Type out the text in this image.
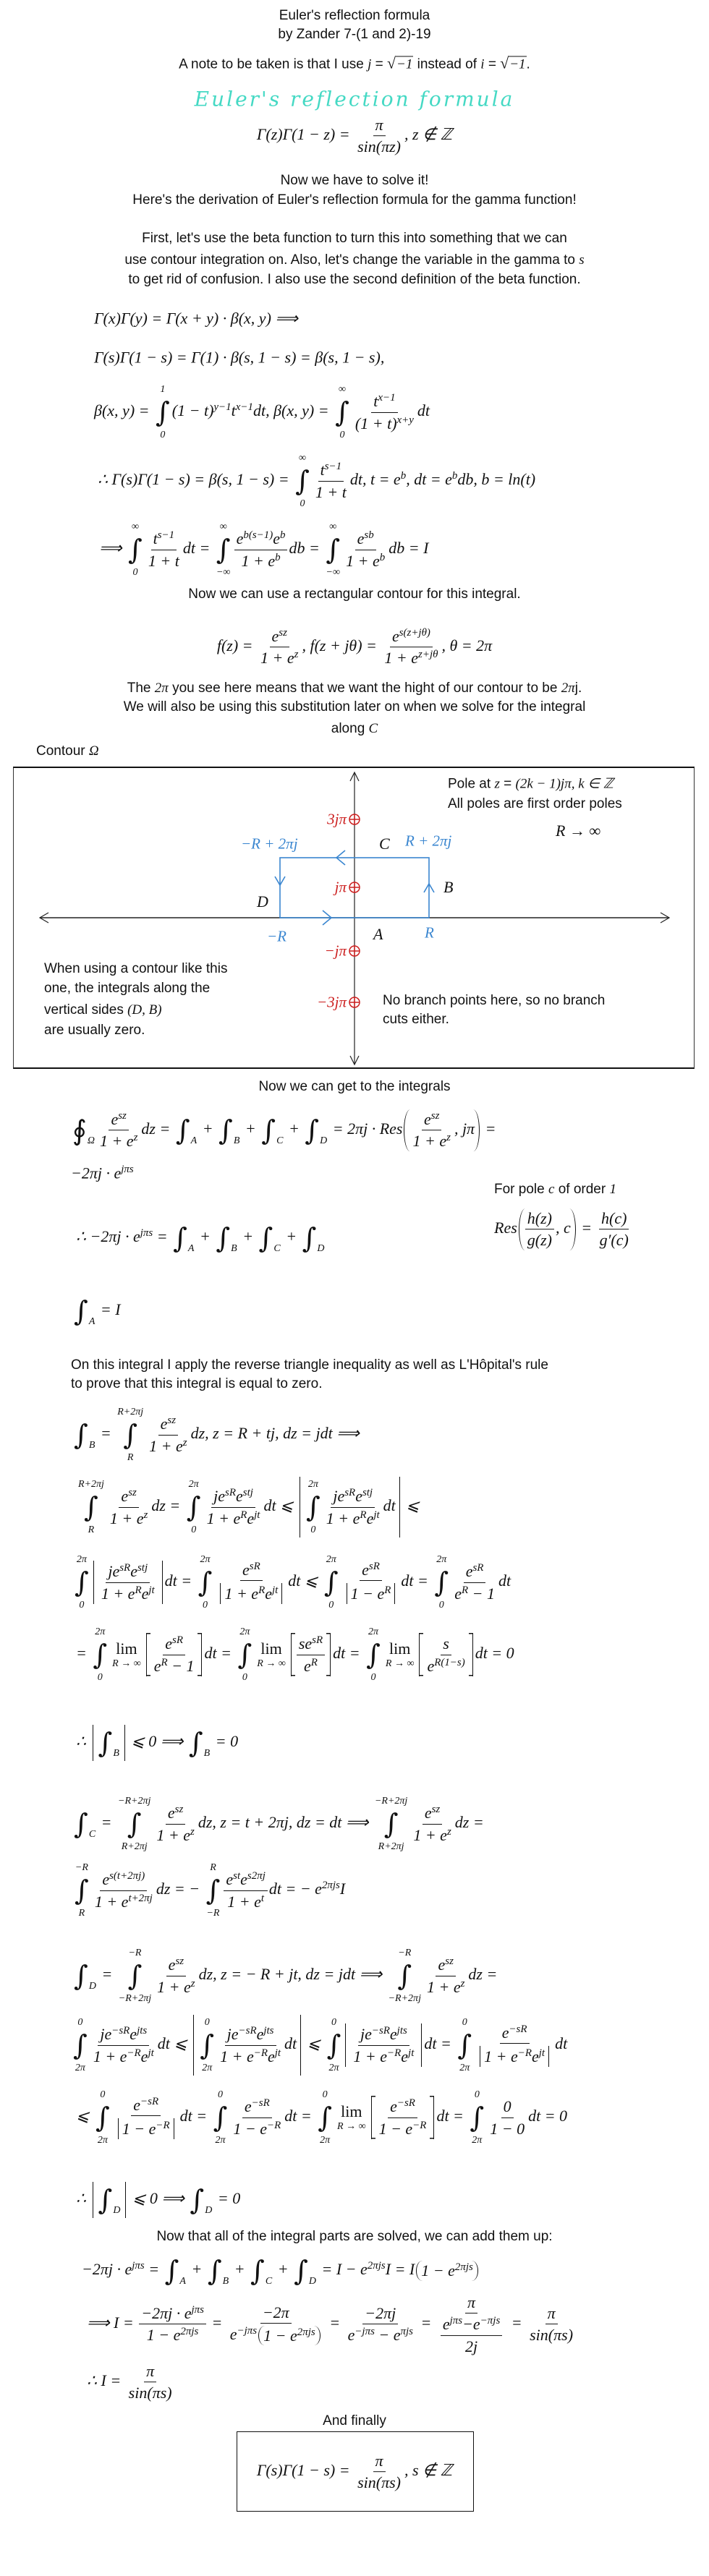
Euler's reflection formula
by Zander 7-(1 and 2)-19
A note to be taken is that I use j = √−1 instead of i = √−1.
Euler's reflection formula
$\Gamma(z)\Gamma(1 - z) = \frac{\pi}{\sin(\pi z)}$ , z ∉ ℤ
Now we have to solve it!
Here's the derivation of Euler's reflection formula for the gamma function!
First, let's use the beta function to turn this into something that we can
use contour integration on. Also, let's change the variable in the gamma to s
to get rid of confusion. I also use the second definition of the beta function.
Γ(x)Γ(y) = Γ(x + y) · β(x, y) ⟹
Γ(s)Γ(1 − s) = Γ(1) · β(s, 1 − s) = β(s, 1 − s),
β(x, y) =
1
∫
0
$(1 - t)^{y-1}t^{x-1}dt$, β(x, y) =
∞
∫
0
$\frac{t^{x-1}}{(1 + t)^{x+y}}$ dt
∴ Γ(s)Γ(1 − s) = β(s, 1 − s) =
∞
∫
0
$\frac{t^{s-1}}{1 + t}$ dt, $t = e^b$, dt = $e^bdb$, b = ln(t)
⟹
∞
∫
0
$\frac{t^{s-1}}{1 + t}$ dt =
∞
∫
−∞
$\frac{e^{b(s-1)}e^b}{1 + e^b}$ db =
∞
∫
−∞
$\frac{e^{sb}}{1 + e^b}$ db = I
Now we can use a rectangular contour for this integral.
$f(z) = \frac{e^{sz}}{1 + e^z}$ , $f(z + j\theta) = \frac{e^{s(z+j\theta)}}{1 + e^{z+j\theta}}$ , θ = 2π
The 2π you see here means that we want the hight of our contour to be 2πj.
We will also be using this substitution later on when we solve for the integral
along C
Contour Ω
Pole at z = (2k − 1)jπ, k ∈ ℤ
All poles are first order poles
R → ∞
3jπ
jπ
−jπ
−3jπ
−R + 2πj	R + 2πj
−R	R
A
B
C
D
When using a contour like this
one, the integrals along the
vertical sides (D, B)
are usually zero.
No branch points here, so no branch
cuts either.
Now we can get to the integrals
∮ Ω $\frac{e^{sz}}{1 + e^z}$ dz = ∫ A
+ ∫ B
+ ∫ C
+ ∫ D
= 2πj · Res $\frac{e^{sz}}{1 + e^z}$ , jπ =
$-2\pi j \cdot e^{j\pi s}$
For pole c of order 1
Res $\frac{h(z)}{g(z)}$ , $c = \frac{h(c)}{g'(c)}$
∴ $-2\pi j \cdot e^{j\pi s}$ = ∫ A
+ ∫ B
+ ∫ C
+ ∫ D
∫ A
= I
On this integral I apply the reverse triangle inequality as well as L'Hôpital's rule
to prove that this integral is equal to zero.
∫ B
=
R+2πj
∫
R
$\frac{e^{sz}}{1 + e^z}$ dz, z = R + tj, dz = jdt ⟹
R+2πj
∫
R
$\frac{e^{sz}}{1 + e^z}$ dz =
2π
∫
0
$\frac{je^{sR}e^{stj}}{1 + e^Re^{jt}}$ dt ⩽
2π
∫
0
$\frac{je^{sR}e^{stj}}{1 + e^Re^{jt}}$ dt ⩽
2π
∫
0
$\frac{je^{sR}e^{stj}}{1 + e^Re^{jt}}$ dt =
2π
∫
0
$\frac{e^{sR}}{1 + e^Re^{jt}}$ dt ⩽
2π
∫
0
$\frac{e^{sR}}{1 - e^R}$ dt =
2π
∫
0
$\frac{e^{sR}}{e^R - 1}$ dt
=
2π
∫
0
lim
R → ∞ $\frac{e^{sR}}{e^R - 1}$ dt =
2π
∫
0
lim
R → ∞ $\frac{se^{sR}}{e^R}$ dt =
2π
∫
0
lim
R → ∞ $\frac{s}{e^{R(1-s)}}$ dt = 0
∴ ∫ B
⩽ 0 ⟹ ∫ B
= 0
∫ C
=
−R+2πj
∫
R+2πj
$\frac{e^{sz}}{1 + e^z}$ dz, z = t + 2πj, dz = dt ⟹
−R+2πj
∫
R+2πj
$\frac{e^{sz}}{1 + e^z}$ dz =
−R
∫
R
$\frac{e^{s(t+2\pi j)}}{1 + e^{t+2\pi j}}$ dz = −
R
∫
−R
$\frac{e^{st}e^{s2\pi j}}{1 + e^t}$ dt = − $e^{2\pi js}I$
∫ D
=
−R
∫
−R+2πj
$\frac{e^{sz}}{1 + e^z}$ dz, z = − R + jt, dz = jdt ⟹
−R
∫
−R+2πj
$\frac{e^{sz}}{1 + e^z}$ dz =
0
∫
2π
$\frac{je^{-sR}e^{jts}}{1 + e^{-R}e^{jt}}$ dt ⩽
0
∫
2π
$\frac{je^{-sR}e^{jts}}{1 + e^{-R}e^{jt}}$ dt ⩽
0
∫
2π
$\frac{je^{-sR}e^{jts}}{1 + e^{-R}e^{jt}}$ dt =
0
∫
2π
$\frac{e^{-sR}}{1 + e^{-R}e^{jt}}$ dt
⩽
0
∫
2π
$\frac{e^{-sR}}{1 - e^{-R}}$ dt =
0
∫
2π
$\frac{e^{-sR}}{1 - e^{-R}}$ dt =
0
∫
2π
lim
R → ∞ $\frac{e^{-sR}}{1 - e^{-R}}$ dt =
0
∫
2π
$\frac{0}{1 - 0}$ dt = 0
∴ ∫ D
⩽ 0 ⟹ ∫ D
= 0
Now that all of the integral parts are solved, we can add them up:
$-2\pi j \cdot e^{j\pi s}$ = ∫ A
+ ∫ B
+ ∫ C
+ ∫ D
= $I - e^{2\pi js}I = I$ $1 - e^{2\pi js}$
⟹ $I = \frac{-2\pi j \cdot e^{j\pi s}}{1 - e^{2\pi js}} = \frac{-2\pi}{e^{-j\pi s} 1 - e^{2\pi js}} = \frac{-2\pi j}{e^{-j\pi s} - e^{\pi js}} = \frac{\pi}{\frac{e^{j\pi s}-e^{-\pi js}}{2j}} = \frac{\pi}{\sin(\pi s)}$
∴ $I = \frac{\pi}{\sin(\pi s)}$
And finally
$\Gamma(s)\Gamma(1 - s) = \frac{\pi}{\sin(\pi s)}$ , s ∉ ℤ
